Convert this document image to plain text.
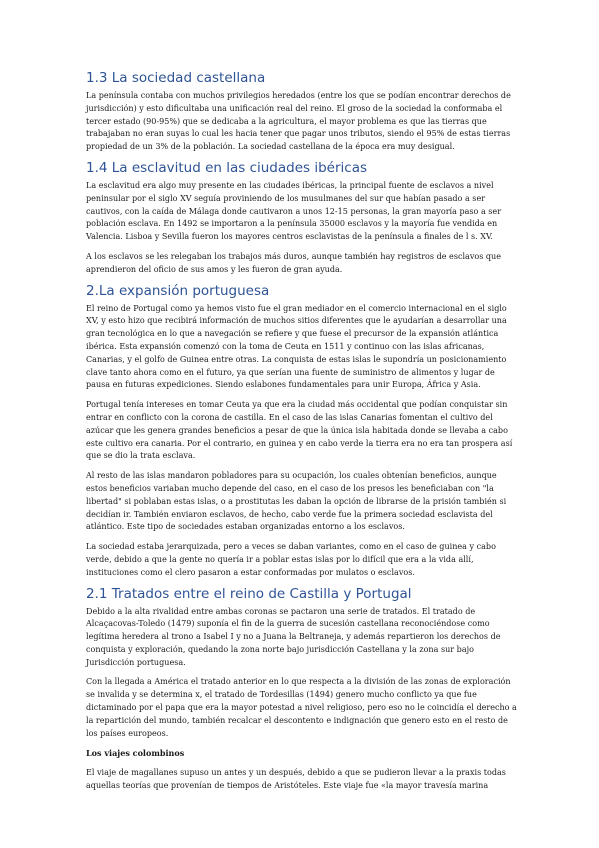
1.3 La sociedad castellana

La península contaba con muchos privilegios heredados (entre los que se podían encontrar derechos de jurisdicción) y esto dificultaba una unificación real del reino. El groso de la sociedad la conformaba el tercer estado (90-95%) que se dedicaba a la agricultura, el mayor problema es que las tierras que trabajaban no eran suyas lo cual les hacia tener que pagar unos tributos, siendo el 95% de estas tierras propiedad de un 3% de la población. La sociedad castellana de la época era muy desigual.

1.4 La esclavitud en las ciudades ibéricas

La esclavitud era algo muy presente en las ciudades ibéricas, la principal fuente de esclavos a nivel peninsular por el siglo XV seguía proviniendo de los musulmanes del sur que habían pasado a ser cautivos, con la caída de Málaga donde cautivaron a unos 12-15 personas, la gran mayoría paso a ser población esclava. En 1492 se importaron a la península 35000 esclavos y la mayoría fue vendida en Valencia. Lisboa y Sevilla fueron los mayores centros esclavistas de la península a finales de l s. XV.

A los esclavos se les relegaban los trabajos más duros, aunque también hay registros de esclavos que aprendieron del oficio de sus amos y les fueron de gran ayuda.

2.La expansión portuguesa

El reino de Portugal como ya hemos visto fue el gran mediador en el comercio internacional en el siglo XV, y esto hizo que recibirá información de muchos sitios diferentes que le ayudarían a desarrollar una gran tecnológica en lo que a navegación se refiere y que fuese el precursor de la expansión atlántica ibérica. Esta expansión comenzó con la toma de Ceuta en 1511 y continuo con las islas africanas, Canarias, y el golfo de Guinea entre otras. La conquista de estas islas le supondría un posicionamiento clave tanto ahora como en el futuro, ya que serían una fuente de suministro de alimentos y lugar de pausa en futuras expediciones. Siendo eslabones fundamentales para unir Europa, África y Asia.

Portugal tenía intereses en tomar Ceuta ya que era la ciudad más occidental que podían conquistar sin entrar en conflicto con la corona de castilla. En el caso de las islas Canarias fomentan el cultivo del azúcar que les genera grandes beneficios a pesar de que la única isla habitada donde se llevaba a cabo este cultivo era canaria. Por el contrario, en guinea y en cabo verde la tierra era no era tan prospera así que se dio la trata esclava.

Al resto de las islas mandaron pobladores para su ocupación, los cuales obtenían beneficios, aunque estos beneficios variaban mucho depende del caso, en el caso de los presos les beneficiaban con "la libertad" si poblaban estas islas, o a prostitutas les daban la opción de librarse de la prisión también si decidían ir. También enviaron esclavos, de hecho, cabo verde fue la primera sociedad esclavista del atlántico. Este tipo de sociedades estaban organizadas entorno a los esclavos.

La sociedad estaba jerarquizada, pero a veces se daban variantes, como en el caso de guinea y cabo verde, debido a que la gente no quería ir a poblar estas islas por lo difícil que era a la vida allí, instituciones como el clero pasaron a estar conformadas por mulatos o esclavos.

2.1 Tratados entre el reino de Castilla y Portugal

Debido a la alta rivalidad entre ambas coronas se pactaron una serie de tratados. El tratado de Alcaçacovas-Toledo (1479) suponía el fin de la guerra de sucesión castellana reconociéndose como legítima heredera al trono a Isabel I y no a Juana la Beltraneja, y además repartieron los derechos de conquista y exploración, quedando la zona norte bajo jurisdicción Castellana y la zona sur bajo Jurisdicción portuguesa.

Con la llegada a América el tratado anterior en lo que respecta a la división de las zonas de exploración se invalida y se determina x, el tratado de Tordesillas (1494) genero mucho conflicto ya que fue dictaminado por el papa que era la mayor potestad a nivel religioso, pero eso no le coincidía el derecho a la repartición del mundo, también recalcar el descontento e indignación que genero esto en el resto de los países europeos.

Los viajes colombinos

El viaje de magallanes supuso un antes y un después, debido a que se pudieron llevar a la praxis todas aquellas teorías que provenían de tiempos de Aristóteles. Este viaje fue «la mayor travesía marina
